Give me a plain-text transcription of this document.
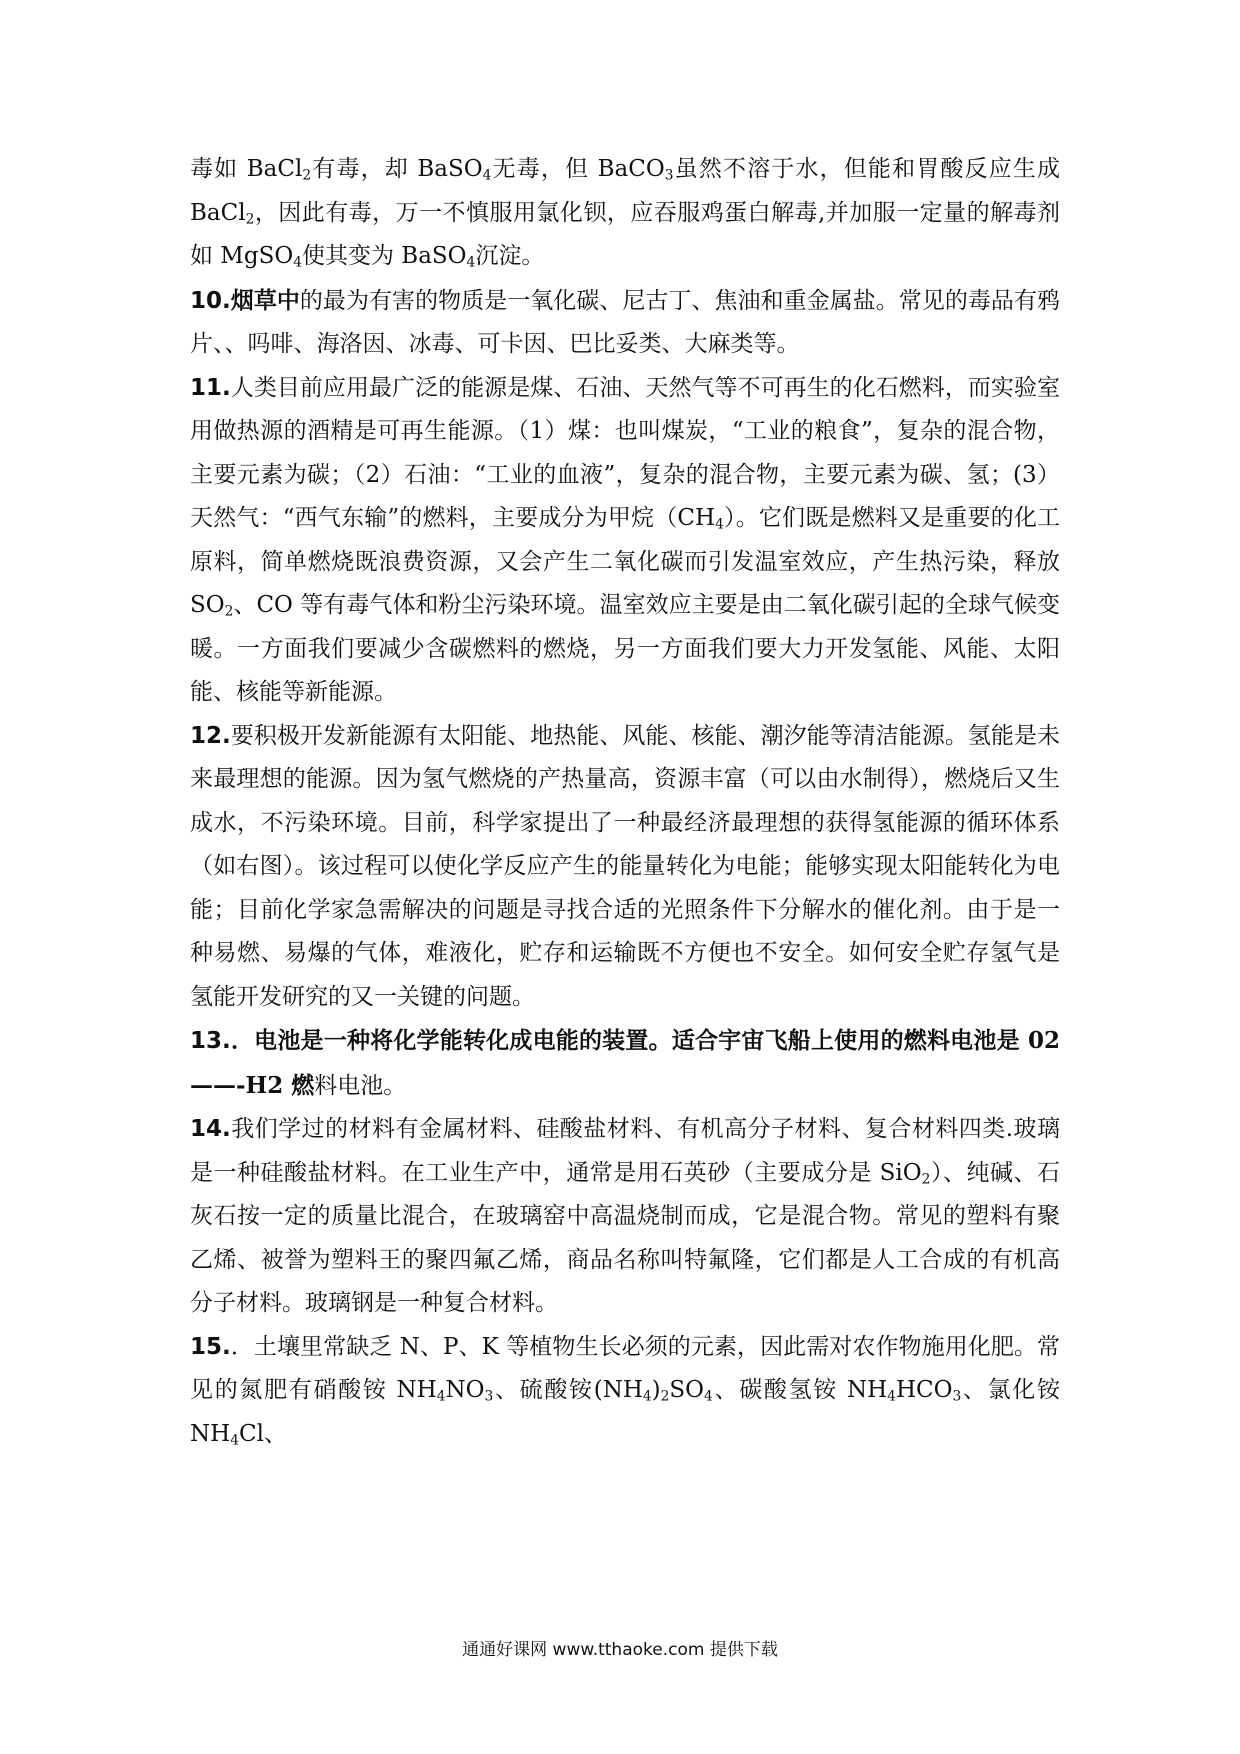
毒如 BaCl$_2$有毒，却 BaSO$_4$无毒，但 BaCO$_3$虽然不溶于水，但能和胃酸反应生成 BaCl$_2$，因此有毒，万一不慎服用氯化钡，应吞服鸡蛋白解毒,并加服一定量的解毒剂如 MgSO$_4$使其变为 BaSO$_4$沉淀。

10.烟草中的最为有害的物质是一氧化碳、尼古丁、焦油和重金属盐。常见的毒品有鸦片、、吗啡、海洛因、冰毒、可卡因、巴比妥类、大麻类等。

11.人类目前应用最广泛的能源是煤、石油、天然气等不可再生的化石燃料，而实验室用做热源的酒精是可再生能源。（1）煤：也叫煤炭，“工业的粮食”，复杂的混合物，主要元素为碳；（2）石油：“工业的血液”，复杂的混合物，主要元素为碳、氢；(3）天然气：“西气东输”的燃料，主要成分为甲烷$(CH_4)$。它们既是燃料又是重要的化工原料，简单燃烧既浪费资源，又会产生二氧化碳而引发温室效应，产生热污染，释放 $SO_2$、CO 等有毒气体和粉尘污染环境。温室效应主要是由二氧化碳引起的全球气候变暖。一方面我们要减少含碳燃料的燃烧，另一方面我们要大力开发氢能、风能、太阳能、核能等新能源。

12.要积极开发新能源有太阳能、地热能、风能、核能、潮汐能等清洁能源。氢能是未来最理想的能源。因为氢气燃烧的产热量高，资源丰富（可以由水制得），燃烧后又生成水，不污染环境。目前，科学家提出了一种最经济最理想的获得氢能源的循环体系（如右图）。该过程可以使化学反应产生的能量转化为电能；能够实现太阳能转化为电能；目前化学家急需解决的问题是寻找合适的光照条件下分解水的催化剂。由于是一种易燃、易爆的气体，难液化，贮存和运输既不方便也不安全。如何安全贮存氢气是氢能开发研究的又一关键的问题。

13.．电池是一种将化学能转化成电能的装置。适合宇宙飞船上使用的燃料电池是 02——-H2 燃料电池。

14.我们学过的材料有金属材料、硅酸盐材料、有机高分子材料、复合材料四类.玻璃是一种硅酸盐材料。在工业生产中，通常是用石英砂（主要成分是 SiO$_2$）、纯碱、石灰石按一定的质量比混合，在玻璃窑中高温烧制而成，它是混合物。常见的塑料有聚乙烯、被誉为塑料王的聚四氟乙烯，商品名称叫特氟隆，它们都是人工合成的有机高分子材料。玻璃钢是一种复合材料。

15.．土壤里常缺乏 N、P、K 等植物生长必须的元素，因此需对农作物施用化肥。常见的氮肥有硝酸铵 $NH_4NO_3$、硫酸铵$(NH_4)_2SO_4$、碳酸氢铵 $NH_4HCO_3$、氯化铵 $NH_4Cl$、

通通好课网 www.tthaoke.com 提供下载
